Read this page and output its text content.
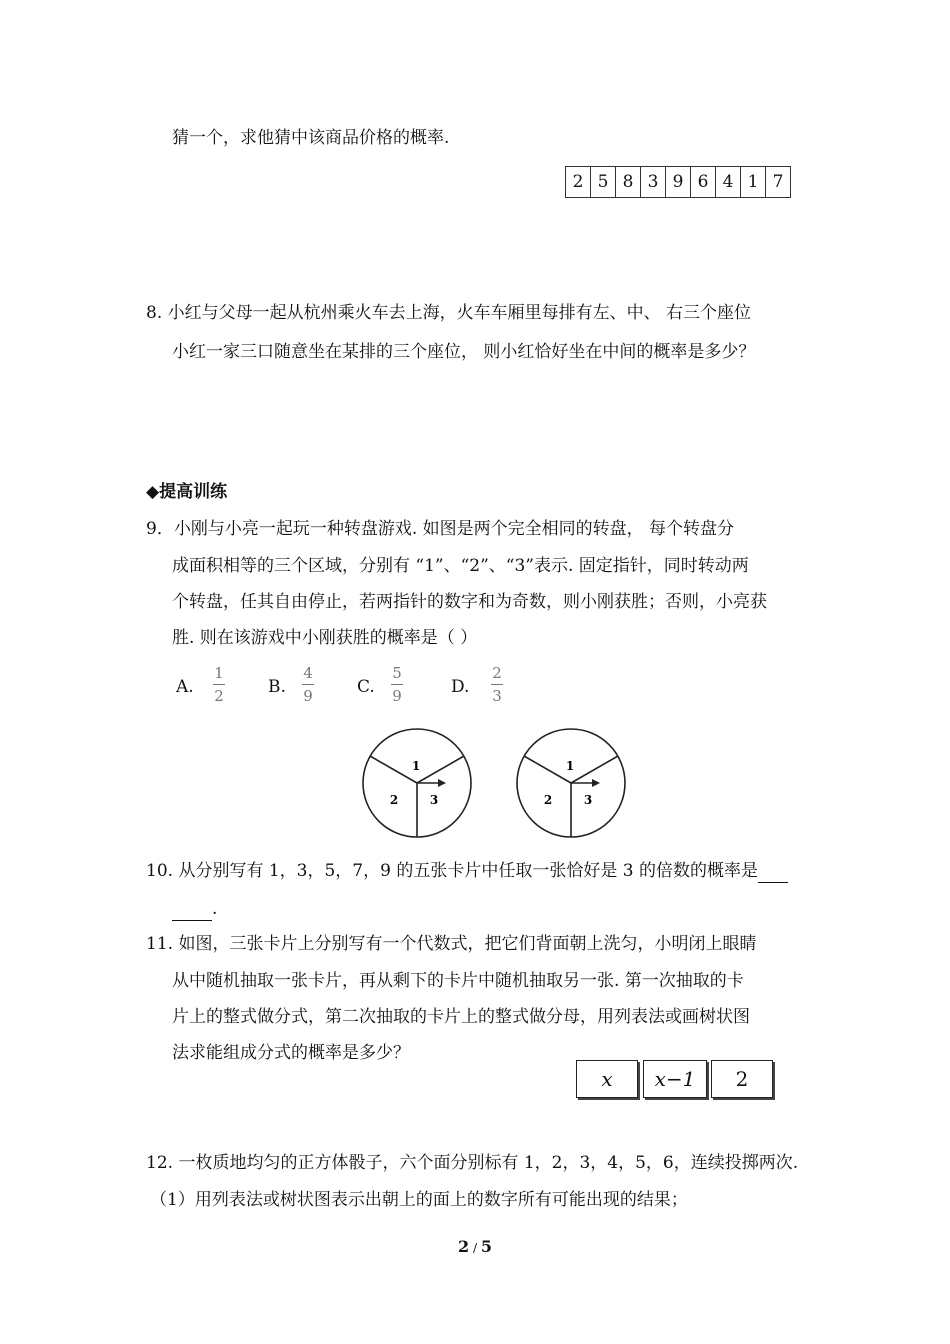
猜一个，求他猜中该商品价格的概率.
2	5	8	3	9	6	4	1	7
8. 小红与父母一起从杭州乘火车去上海，火车车厢里每排有左、中、 右三个座位
小红一家三口随意坐在某排的三个座位， 则小红恰好坐在中间的概率是多少？
◆提高训练
9．小刚与小亮一起玩一种转盘游戏. 如图是两个完全相同的转盘， 每个转盘分
成面积相等的三个区域，分别有 “1”、“2”、“3”表示. 固定指针，同时转动两
个转盘，任其自由停止，若两指针的数字和为奇数，则小刚获胜；否则，小亮获
胜. 则在该游戏中小刚获胜的概率是（ ）
A.
1
2	B.
4
9	C.
5
9	D.
2
3
1
2	3
1
2	3
10. 从分别写有 1，3，5，7，9 的五张卡片中任取一张恰好是 3 的倍数的概率是
.
11. 如图，三张卡片上分别写有一个代数式，把它们背面朝上洗匀，小明闭上眼睛
从中随机抽取一张卡片，再从剩下的卡片中随机抽取另一张. 第一次抽取的卡
片上的整式做分式，第二次抽取的卡片上的整式做分母，用列表法或画树状图
法求能组成分式的概率是多少？
x x−1 2
12. 一枚质地均匀的正方体骰子，六个面分别标有 1，2，3，4，5，6，连续投掷两次.
（1）用列表法或树状图表示出朝上的面上的数字所有可能出现的结果；
2 / 5
